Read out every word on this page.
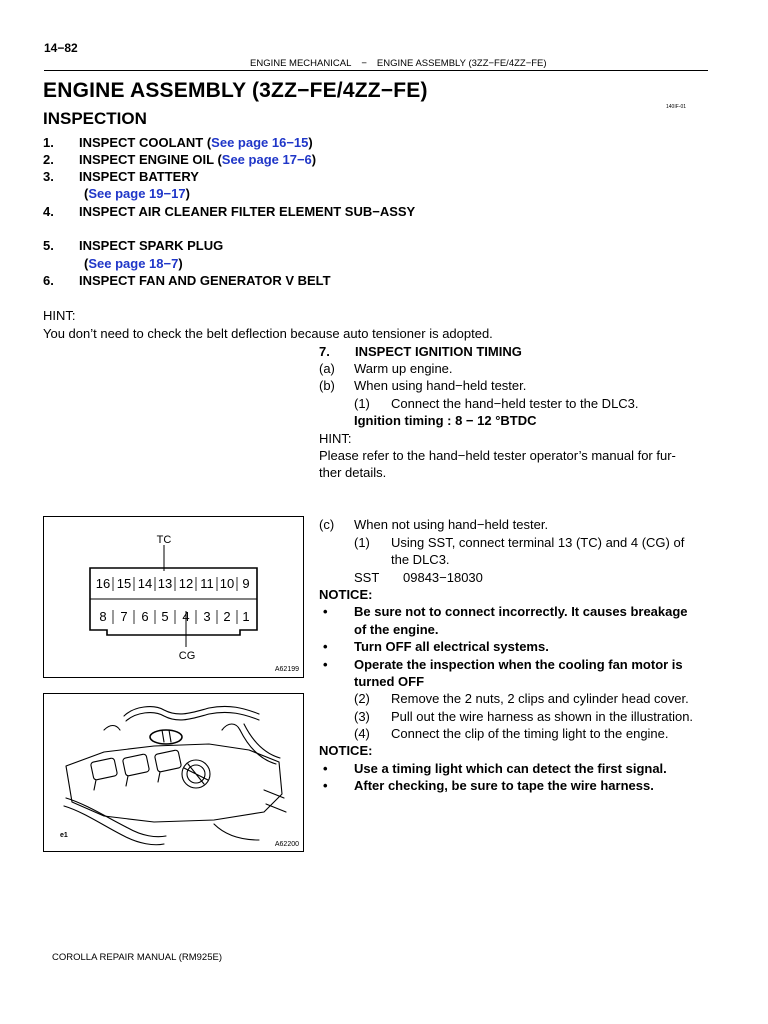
14−82
ENGINE MECHANICAL − ENGINE ASSEMBLY (3ZZ−FE/4ZZ−FE)
ENGINE ASSEMBLY (3ZZ−FE/4ZZ−FE)
140IF-01
INSPECTION
1. INSPECT COOLANT (See page 16−15)
2. INSPECT ENGINE OIL (See page 17−6)
3. INSPECT BATTERY
(See page 19−17)
4. INSPECT AIR CLEANER FILTER ELEMENT SUB−ASSY
5. INSPECT SPARK PLUG
(See page 18−7)
6. INSPECT FAN AND GENERATOR V BELT
HINT:
You don’t need to check the belt deflection because auto tensioner is adopted.
7. INSPECT IGNITION TIMING
(a) Warm up engine.
(b) When using hand−held tester.
(1) Connect the hand−held tester to the DLC3.
Ignition timing : 8 − 12 °BTDC
HINT:
Please refer to the hand−held tester operator’s manual for fur-
ther details.
(c) When not using hand−held tester.
(1) Using SST, connect terminal 13 (TC) and 4 (CG) of
the DLC3.
SST 09843−18030
NOTICE:
• Be sure not to connect incorrectly. It causes breakage
of the engine.
• Turn OFF all electrical systems.
• Operate the inspection when the cooling fan motor is
turned OFF
(2) Remove the 2 nuts, 2 clips and cylinder head cover.
(3) Pull out the wire harness as shown in the illustration.
(4) Connect the clip of the timing light to the engine.
NOTICE:
• Use a timing light which can detect the first signal.
• After checking, be sure to tape the wire harness.
TC
CG
16 15 14 13 12 11 10 9
8 7 6 5 4 3 2 1
A62199
e1
A62200
COROLLA REPAIR MANUAL (RM925E)
